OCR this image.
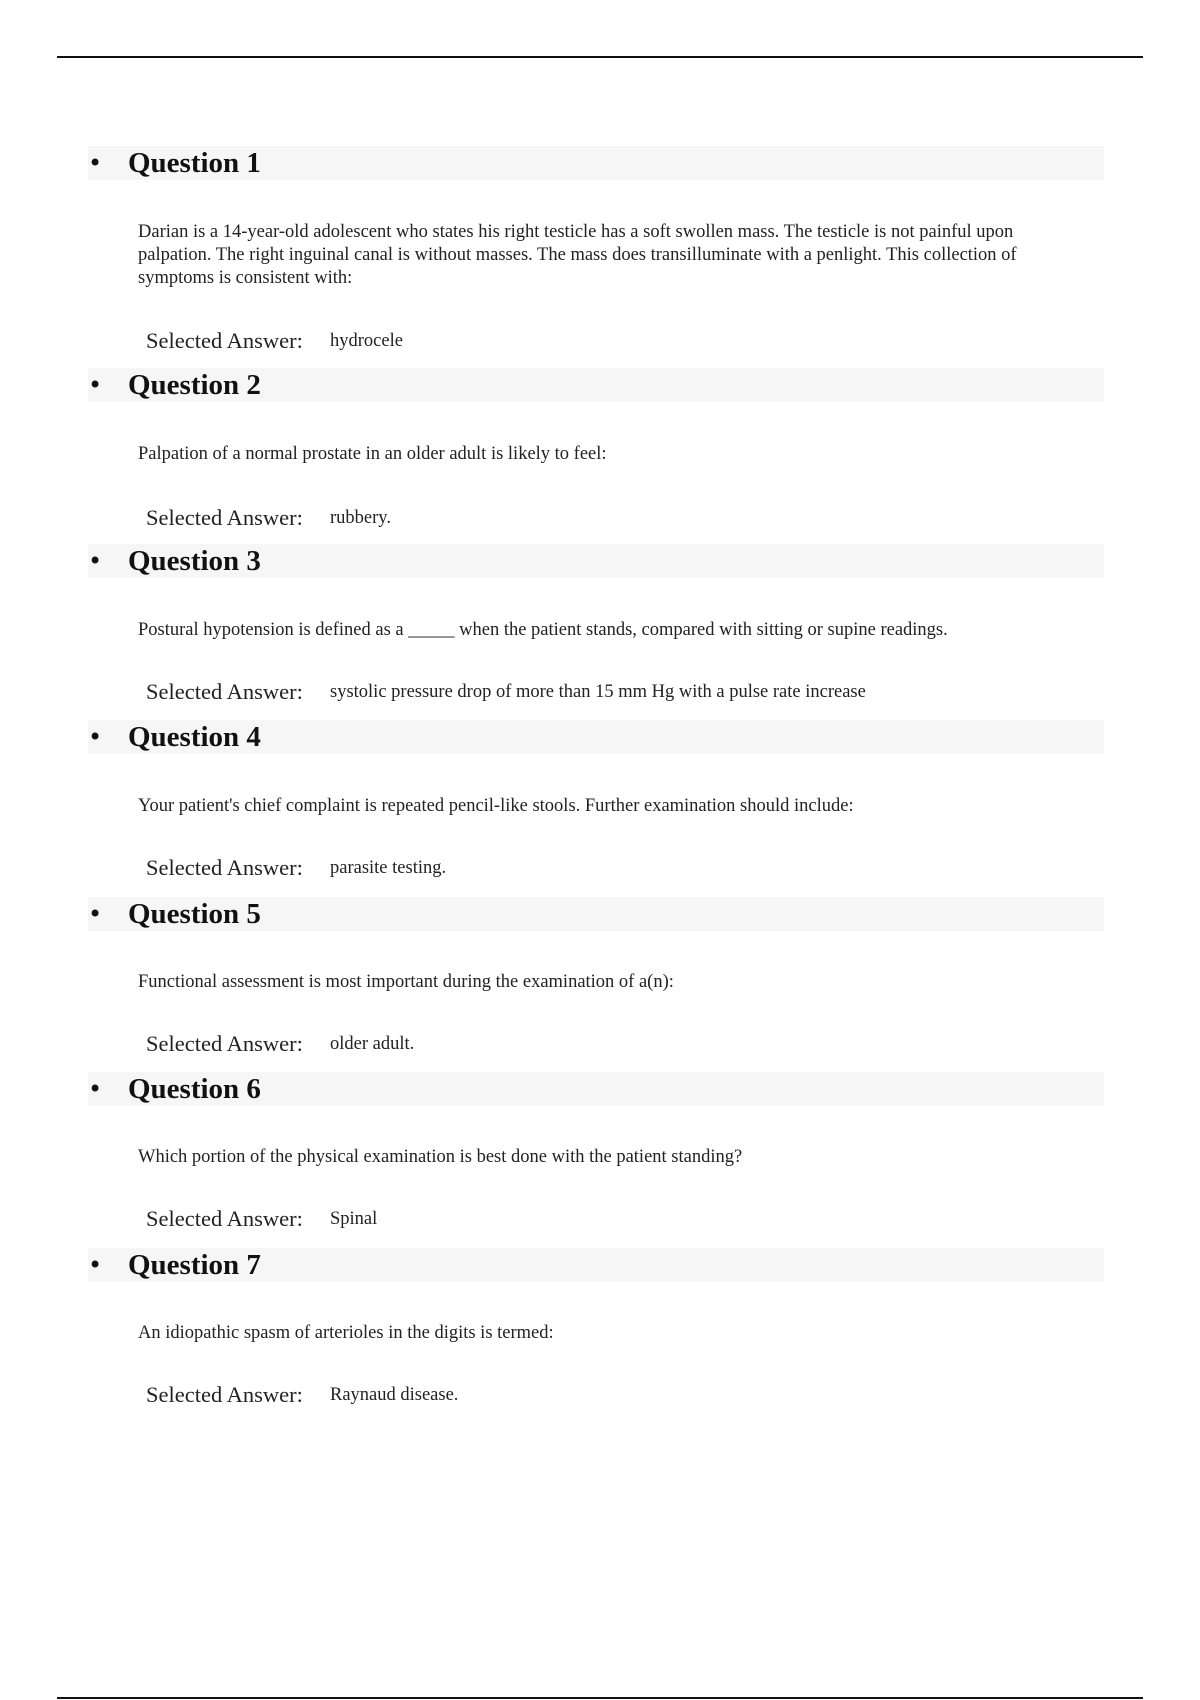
• Question 1
Darian is a 14-year-old adolescent who states his right testicle has a soft swollen mass. The testicle is not painful upon palpation. The right inguinal canal is without masses. The mass does transilluminate with a penlight. This collection of symptoms is consistent with:
Selected Answer: hydrocele
• Question 2
Palpation of a normal prostate in an older adult is likely to feel:
Selected Answer: rubbery.
• Question 3
Postural hypotension is defined as a _____ when the patient stands, compared with sitting or supine readings.
Selected Answer: systolic pressure drop of more than 15 mm Hg with a pulse rate increase
• Question 4
Your patient's chief complaint is repeated pencil-like stools. Further examination should include:
Selected Answer: parasite testing.
• Question 5
Functional assessment is most important during the examination of a(n):
Selected Answer: older adult.
• Question 6
Which portion of the physical examination is best done with the patient standing?
Selected Answer: Spinal
• Question 7
An idiopathic spasm of arterioles in the digits is termed:
Selected Answer: Raynaud disease.
